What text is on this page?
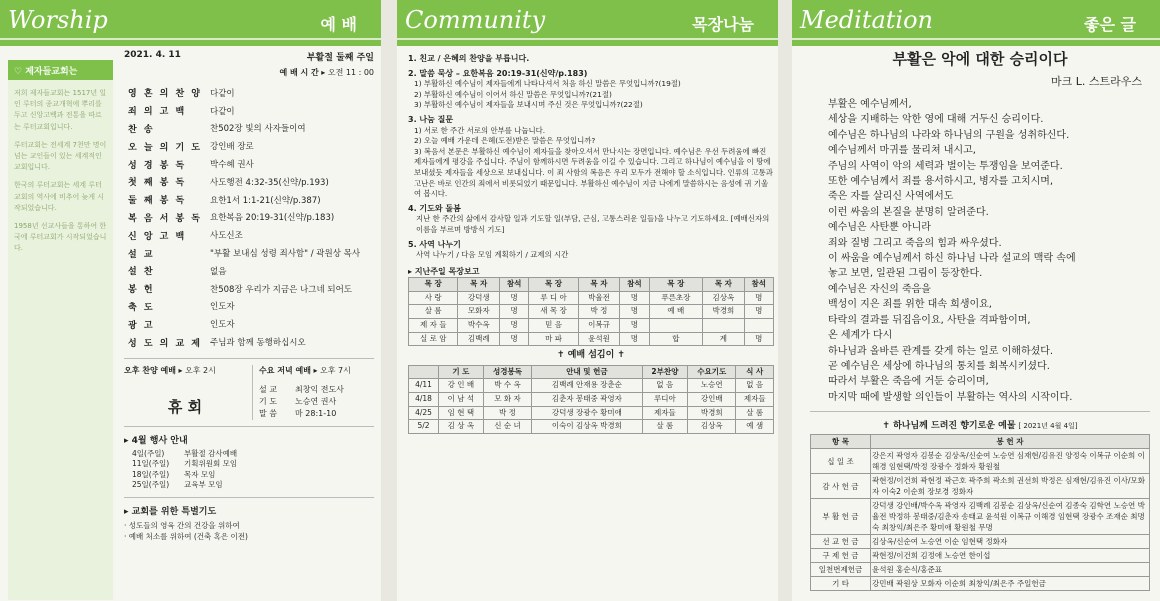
Worship	예 배
♡ 제자들교회는

저희 제자들교회는 1517년 일인 루터의 종교개혁에 뿌리를 두고 신앙고백과 전통을 따르는 루터교회입니다.

루터교회는 전세계 7천만 명이 넘는 교인들이 있는 세계적인 교회입니다.

한국의 루터교회는 세계 루터교회의 역사에 비추어 늦게 시작되었습니다.

1958년 선교사들을 통하여 한국에 루터교회가 시작되었습니다.

2021. 4. 11	부활절 둘째 주일
예 배 시 간 ▸ 오전 11 : 00
영 혼 의 찬 양	다같이
죄 의 고 백	다같이
찬 송	찬502장 빛의 사자들이여
오 늘 의 기 도	강인배 장로
성 경 봉 독	박수혜 권사
첫 째 봉 독	사도행전 4:32-35(신약/p.193)
둘 째 봉 독	요한1서 1:1-21(신약/p.387)
복 음 서 봉 독	요한복음 20:19-31(신약/p.183)
신 앙 고 백	사도신조
설 교	"부활 보내심 성령 죄사함" / 곽원상 목사
설 찬	없음
봉 헌	찬508장 우리가 지금은 나그네 되어도
축 도	인도자
광 고	인도자
성 도 의 교 제	주님과 함께 동행하십시오
오후 찬양 예배 ▸ 오후 2시
휴 회
수요 저녁 예배 ▸ 오후 7시
설 교 최창익 전도사
기 도 노승연 권사
말 씀 마 28:1-10
▸ 4월 행사 안내
4일(주일)	부활절 감사예배
11일(주일) 기획위원회 모임
18일(주일) 목자 모임
25일(주일) 교육부 모임
▸ 교회를 위한 특별기도
· 성도들의 영육 간의 건강을 위하여
· 예배 처소를 위하여 (건축 혹은 이전)
Community	목장나눔
1. 친교 / 은혜의 찬양을 부릅니다.
2. 말씀 묵상 – 요한복음 20:19-31(신약/p.183)
1) 부활하신 예수님이 제자들에게 나타나셔서 처음 하신 말씀은 무엇입니까?(19절)
2) 부활하신 예수님이 이어서 하신 말씀은 무엇입니까?(21절)
3) 부활하신 예수님이 제자들을 보내시며 주신 것은 무엇입니까?(22절)
3. 나눔 질문
1) 서로 한 주간 서로의 안부를 나눕니다.
2) 오늘 예배 가운데 은혜(도전)받은 말씀은 무엇입니까?
3) 복음서 본문은 부활하신 예수님이 제자들을 찾아오셔서 만나시는 장면입니다. 예수님은 우선 두려움에 빠진 제자들에게 평강을 주십니다. 주님이 함께하시면 두려움을 이길 수 있습니다. 그리고 하나님이 예수님을 이 땅에 보내셨듯 제자들을 세상으로 보내십니다. 이 죄 사함의 복음은 우리 모두가 전해야 할 소식입니다. 인류의 고통과 고난은 바로 인간의 죄에서 비롯되었기 때문입니다. 부활하신 예수님이 지금 나에게 말씀하시는 음성에 귀 기울여 봅시다.
4. 기도와 돌봄
지난 한 주간의 삶에서 감사할 일과 기도할 일(부담, 근심, 고통스러운 일들)을 나누고 기도하세요. [예배신자의 이름을 부르며 방방식 기도]
5. 사역 나누기
사역 나누기 / 다음 모임 계획하기 / 교제의 시간
▸ 지난주일 목장보고
목 장	목 자	참석	목 장	목 자	참석	목 장	목 자	참석
사 랑	강덕생	명	루 디 아	박율전	명	푸른초장	김상옥	명
살 롬	모화자	명	새 목 장	박 정	명	예 배	박경희	명
제 자 들	박수옥	명	믿 음	이복규	명			
실 로 암	김백례	명	마 파	윤석원	명	합	계	명
✝ 예배 섬김이 ✝
	기 도	성경봉독	안내 및 헌금	2부찬양	수요기도	식 사
4/11	강 인 배	박 수 옥	김백례 안재용 장춘순	없 음	노승연	없 음
4/18	이 남 석	모 화 자	김춘자 봉태중 곽영자	루디아	강인배	제자들
4/25	임 현 택	박 정	강덕생 장광수 황미애	제자들	박경희	살 롬
5/2	김 상 옥	신 순 녀	이숙이 김상옥 박경희	살 롬	김상옥	예 샘
Meditation	좋은 글
부활은 악에 대한 승리이다
마크 L. 스트라우스
부활은 예수님께서,
세상을 지배하는 악한 영에 대해 거두신 승리이다.
예수님은 하나님의 나라와 하나님의 구원을 성취하신다.
예수님께서 마귀를 물리쳐 내시고,
주님의 사역이 악의 세력과 벌이는 투쟁임을 보여준다.
또한 예수님께서 죄를 용서하시고, 병자를 고치시며,
죽은 자를 살리신 사역에서도
이런 싸움의 본질을 분명히 알려준다.
예수님은 사탄뿐 아니라
죄와 질병 그리고 죽음의 힘과 싸우셨다.
이 싸움을 예수님께서 하신 하나님 나라 설교의 맥락 속에
놓고 보면, 일관된 그림이 등장한다.
예수님은 자신의 죽음을
백성이 지은 죄를 위한 대속 희생이요,
타락의 결과를 뒤집음이요, 사탄을 격파함이며,
온 세계가 다시
하나님과 올바른 관계를 갖게 하는 일로 이해하셨다.
곧 예수님은 세상에 하나님의 통치를 회복시키셨다.
따라서 부활은 죽음에 거둔 승리이며,
마지막 때에 발생할 의인들이 부활하는 역사의 시작이다.
✝ 하나님께 드려진 향기로운 예물 [ 2021년 4월 4일]
항 목	봉 헌 자
십 일 조	강은지 곽영자 김봉순 김상옥/신순여 노승연 심재현/김유진 양정숙 이복규 이순희 이해경 임현택/박정 장광수 정화자 황원철
감 사 헌 금	곽현정/이건희 곽현정 곽근호 곽주희 곽소희 권선희 박정은 심재현/김유진 이사/모화자 이숙2 이순희 장보경 정화자
부 활 헌 금	강덕생 강인배/박수옥 곽영자 김백례 김봉순 김상옥/신순여 김종숙 김학연 노승연 박율전 박정하 봉태중/김춘자 송태교 윤석원 이복규 이해경 임현택 장광수 조재순 최명숙 최창익/최은주 황미애 황원철 무명
선 교 헌 금	김상옥/신순여 노승연 이순 임현택 정화자
구 제 헌 금	곽현정/이건희 김정애 노승연 한이섭
일천번제헌금	윤석원 홍순식/홍준표
기 타	강민배 곽원상 모화자 이순희 최창익/최은주 주일헌금
